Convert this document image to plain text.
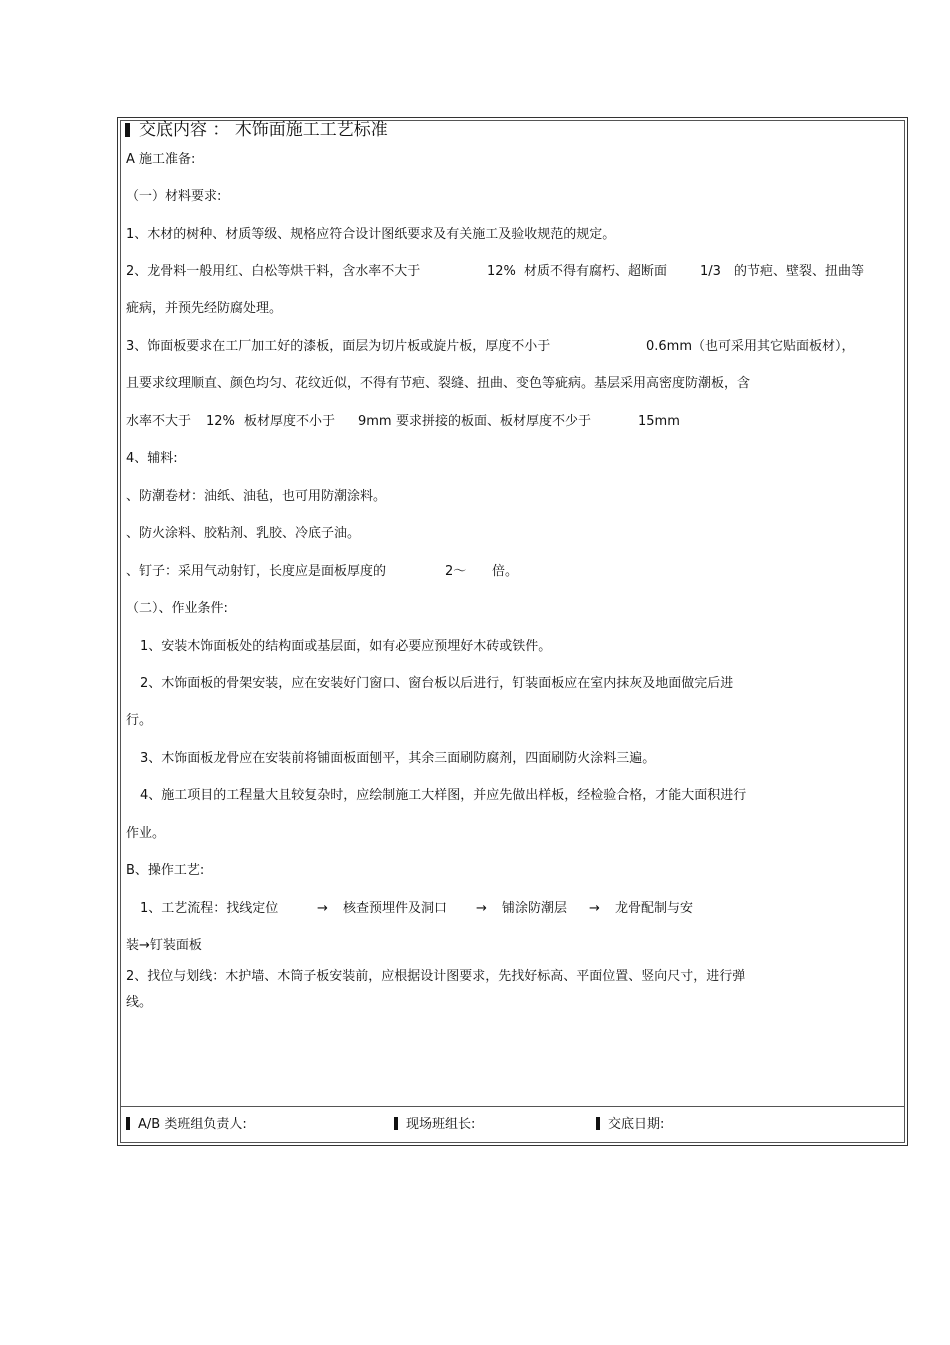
交底内容 ： 木饰面施工工艺标准
A 施工准备:
（一）材料要求:
1、木材的树种、材质等级、规格应符合设计图纸要求及有关施工及验收规范的规定。
2、龙骨料一般用红、白松等烘干料，含水率不大于	12% 材质不得有腐朽、超断面	1/3 的节疤、壁裂、扭曲等
疵病，并预先经防腐处理。
3、饰面板要求在工厂加工好的漆板，面层为切片板或旋片板，厚度不小于	0.6mm（也可采用其它贴面板材），
且要求纹理顺直、颜色均匀、花纹近似，不得有节疤、裂缝、扭曲、变色等疵病。基层采用高密度防潮板，含
水率不大于 12% 板材厚度不小于 9mm 要求拼接的板面、板材厚度不少于	15mm
4、辅料:
、防潮卷材：油纸、油毡，也可用防潮涂料。
、防火涂料、胶粘剂、乳胶、冷底子油。
、钉子：采用气动射钉，长度应是面板厚度的	2～ 倍。
（二）、作业条件:
1、安装木饰面板处的结构面或基层面，如有必要应预埋好木砖或铁件。
2、木饰面板的骨架安装，应在安装好门窗口、窗台板以后进行，钉装面板应在室内抹灰及地面做完后进
行。
3、木饰面板龙骨应在安装前将铺面板面刨平，其余三面刷防腐剂，四面刷防火涂料三遍。
4、施工项目的工程量大且较复杂时，应绘制施工大样图，并应先做出样板，经检验合格，才能大面积进行
作业。
B、操作工艺:
1、工艺流程：找线定位	→ 核查预埋件及洞口 → 铺涂防潮层 → 龙骨配制与安
装→钉装面板
2、找位与划线：木护墙、木筒子板安装前，应根据设计图要求，先找好标高、平面位置、竖向尺寸，进行弹
线。
A/B 类班组负责人:	现场班组长:	交底日期:
